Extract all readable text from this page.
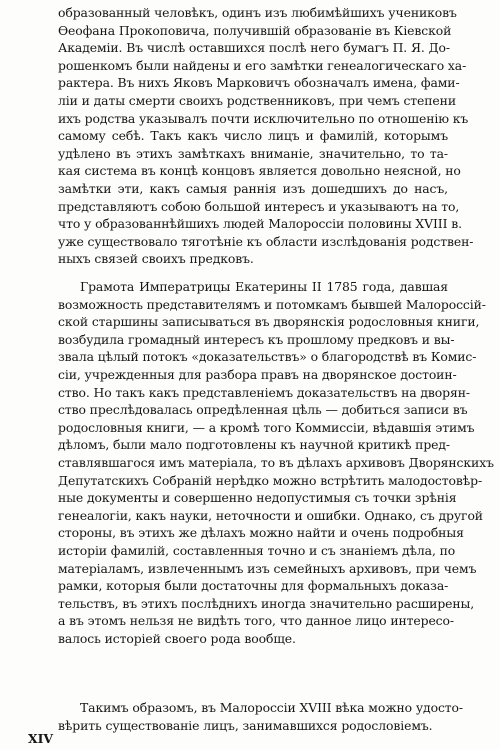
образованный человѣкъ, одинъ изъ любимѣйшихъ учениковъ
Ѳеофана Прокоповича, получившій образованіе въ Кіевской
Академіи. Въ числѣ оставшихся послѣ него бумагъ П. Я. До-
рошенкомъ были найдены и его замѣтки генеалогическаго ха-
рактера. Въ нихъ Яковъ Марковичъ обозначалъ имена, фами-
ліи и даты смерти своихъ родственниковъ, при чемъ степени
ихъ родства указывалъ почти исключительно по отношенію къ
самому себѣ. Такъ какъ число лицъ и фамилій, которымъ
удѣлено въ этихъ замѣткахъ вниманіе, значительно, то та-
кая система въ концѣ концовъ является довольно неясной, но
замѣтки эти, какъ самыя раннія изъ дошедшихъ до насъ,
представляютъ собою большой интересъ и указываютъ на то,
что у образованнѣйшихъ людей Малороссіи половины XVIII в.
уже существовало тяготѣніе къ области изслѣдованія родствен-
ныхъ связей своихъ предковъ.
Грамота Императрицы Екатерины II 1785 года, давшая
возможность представителямъ и потомкамъ бывшей Малороссій-
ской старшины записываться въ дворянскія родословныя книги,
возбудила громадный интересъ къ прошлому предковъ и вы-
звала цѣлый потокъ «доказательствъ» о благородствѣ въ Комис-
сіи, учрежденныя для разбора правъ на дворянское достоин-
ство. Но такъ какъ представленіемъ доказательствъ на дворян-
ство преслѣдовалась опредѣленная цѣль — добиться записи въ
родословныя книги, — а кромѣ того Коммиссіи, вѣдавшія этимъ
дѣломъ, были мало подготовлены къ научной критикѣ пред-
ставлявшагося имъ матеріала, то въ дѣлахъ архивовъ Дворянскихъ
Депутатскихъ Собраній нерѣдко можно встрѣтить малодостовѣр-
ные документы и совершенно недопустимыя съ точки зрѣнія
генеалогіи, какъ науки, неточности и ошибки. Однако, съ другой
стороны, въ этихъ же дѣлахъ можно найти и очень подробныя
исторіи фамилій, составленныя точно и съ знаніемъ дѣла, по
матеріаламъ, извлеченнымъ изъ семейныхъ архивовъ, при чемъ
рамки, которыя были достаточны для формальныхъ доказа-
тельствъ, въ этихъ послѣднихъ иногда значительно расширены,
а въ этомъ нельзя не видѣть того, что данное лицо интересо-
валось исторіей своего рода вообще.
Такимъ образомъ, въ Малороссіи XVIII вѣка можно удосто-
вѣрить существованіе лицъ, занимавшихся родословіемъ.
XIV
